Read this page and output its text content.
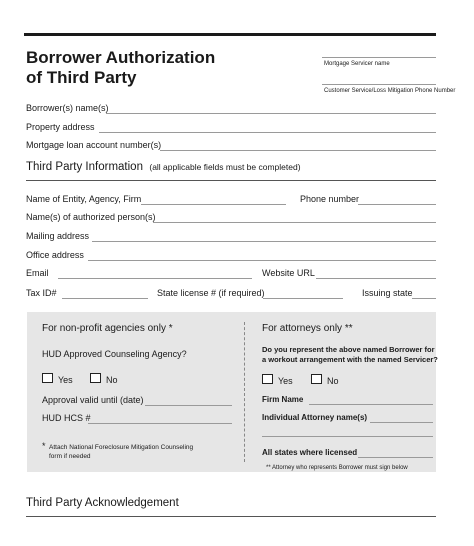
Borrower Authorization
of Third Party
Mortgage Servicer name
Customer Service/Loss Mitigation Phone Number
Borrower(s) name(s)
Property address
Mortgage loan account number(s)
Third Party Information (all applicable fields must be completed)
Name of Entity, Agency, Firm	Phone number
Name(s) of authorized person(s)
Mailing address
Office address
Email	Website URL
Tax ID#	State license # (if required)	Issuing state
For non-profit agencies only *
HUD Approved Counseling Agency?
Yes	No
Approval valid until (date)
HUD HCS #
* Attach National Foreclosure Mitigation Counseling
form if needed
For attorneys only **
Do you represent the above named Borrower for
a workout arrangement with the named Servicer?
Yes	No
Firm Name
Individual Attorney name(s)
All states where licensed
** Attorney who represents Borrower must sign below
Third Party Acknowledgement
